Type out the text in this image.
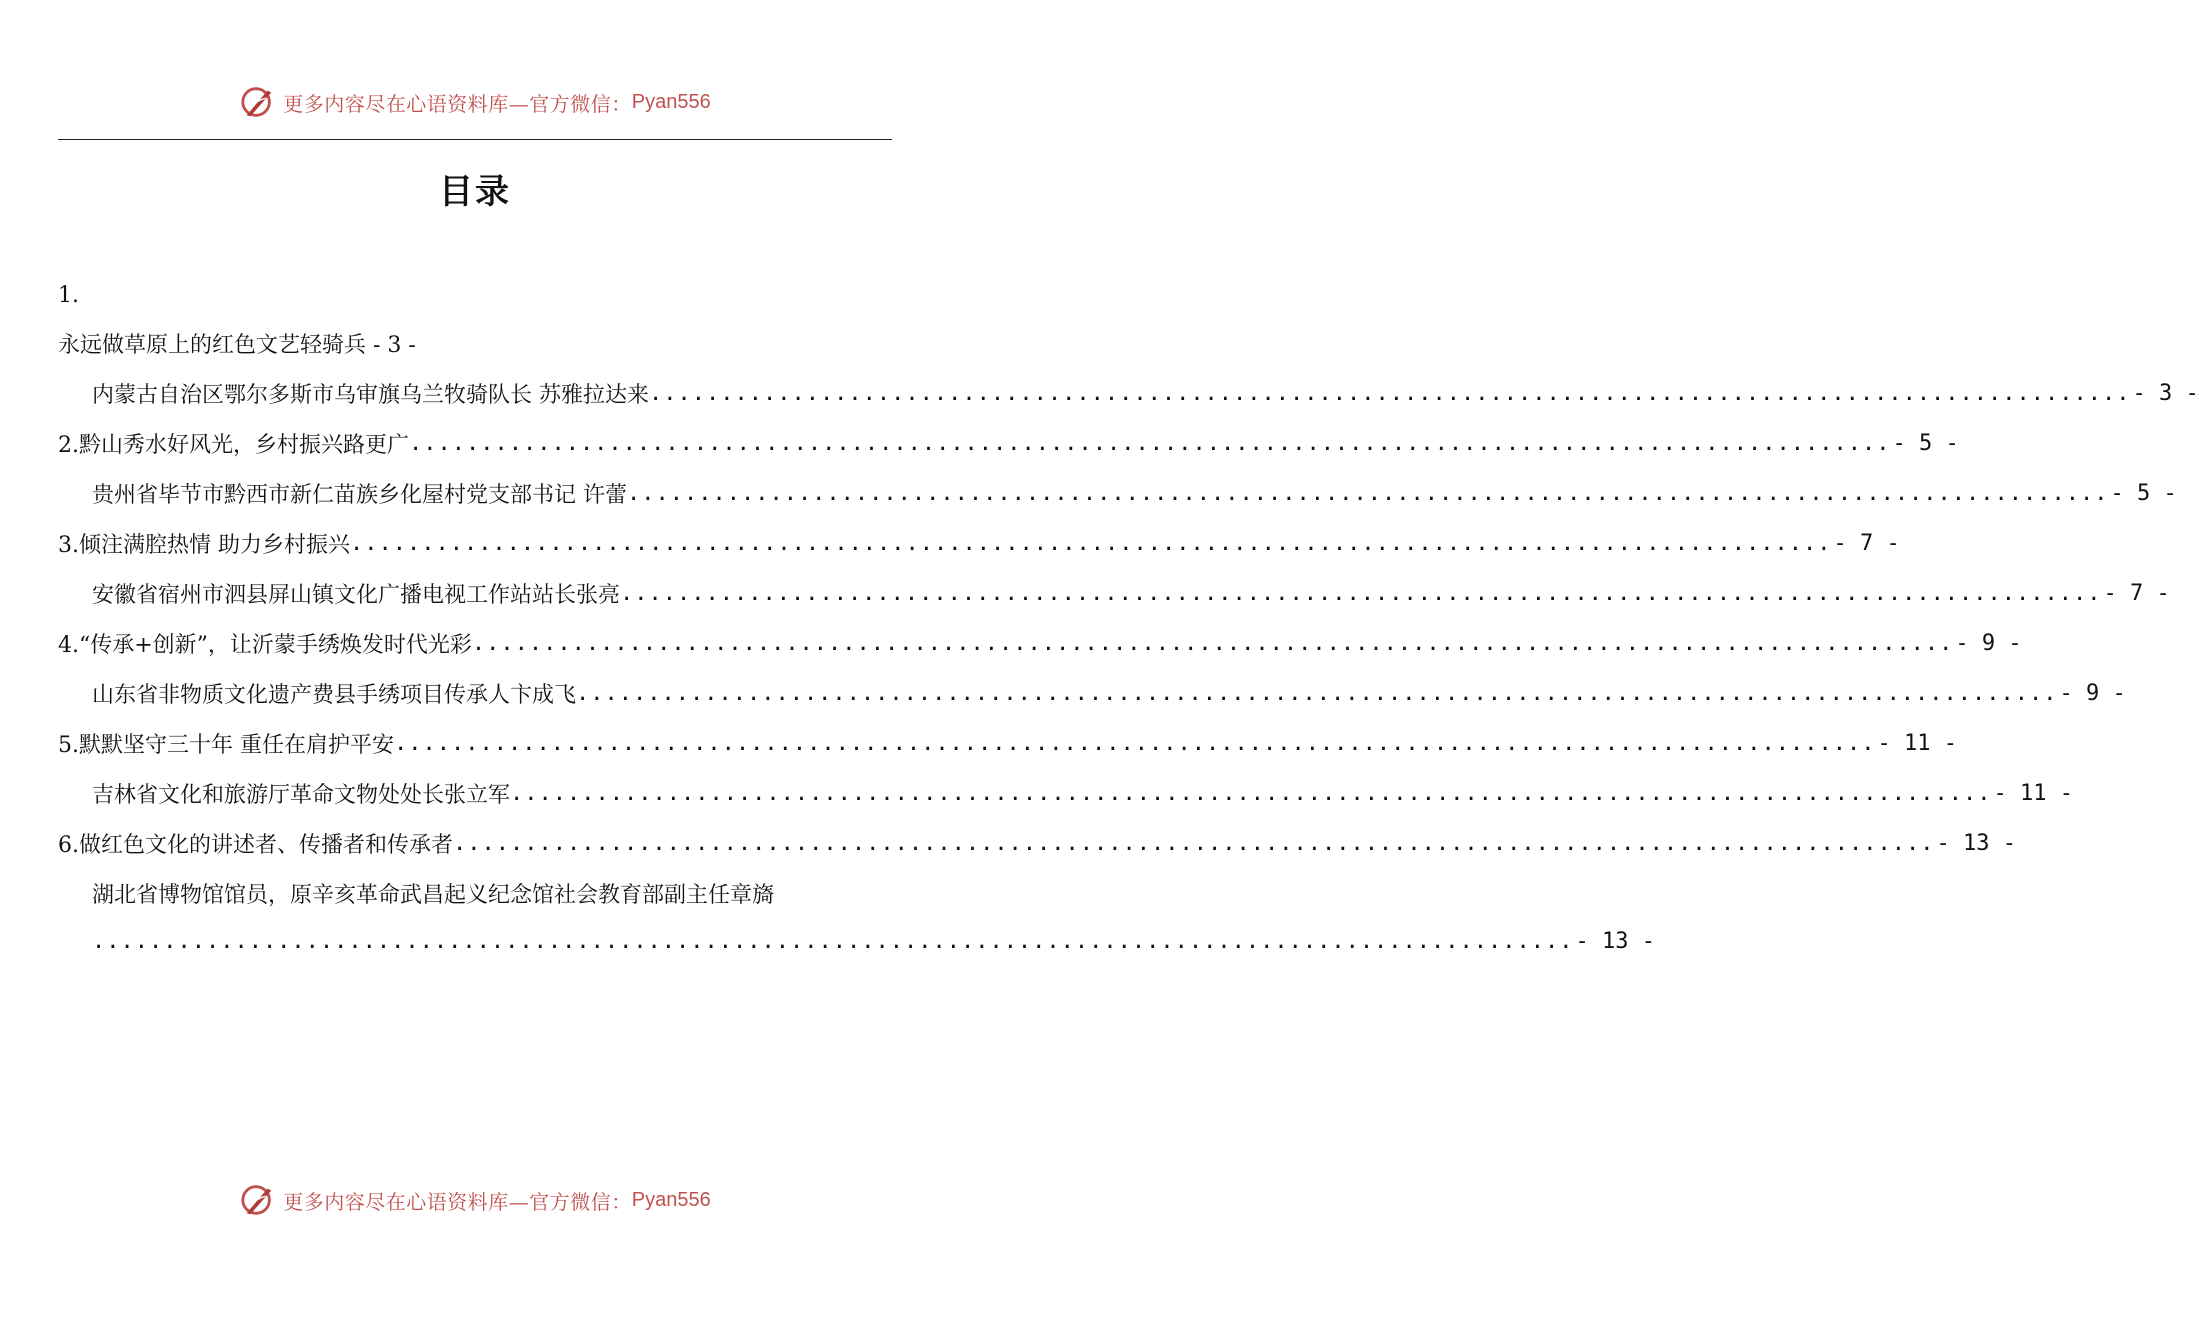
更多内容尽在心语资料库—官方微信： Pyan556
目录
1.
永远做草原上的红色文艺轻骑兵 - 3 -
内蒙古自治区鄂尔多斯市乌审旗乌兰牧骑队长 苏雅拉达来 ........................................................................................................ - 3 -
2.黔山秀水好风光，乡村振兴路更广 ........................................................................................................ - 5 -
贵州省毕节市黔西市新仁苗族乡化屋村党支部书记 许蕾 ........................................................................................................ - 5 -
3.倾注满腔热情 助力乡村振兴 ........................................................................................................ - 7 -
安徽省宿州市泗县屏山镇文化广播电视工作站站长张亮 ........................................................................................................ - 7 -
4.“传承+创新”，让沂蒙手绣焕发时代光彩 ........................................................................................................ - 9 -
山东省非物质文化遗产费县手绣项目传承人卞成飞 ........................................................................................................ - 9 -
5.默默坚守三十年 重任在肩护平安 ........................................................................................................ - 11 -
吉林省文化和旅游厅革命文物处处长张立军 ........................................................................................................ - 11 -
6.做红色文化的讲述者、传播者和传承者 ........................................................................................................ - 13 -
湖北省博物馆馆员，原辛亥革命武昌起义纪念馆社会教育部副主任章旖
........................................................................................................ - 13 -
更多内容尽在心语资料库—官方微信： Pyan556
